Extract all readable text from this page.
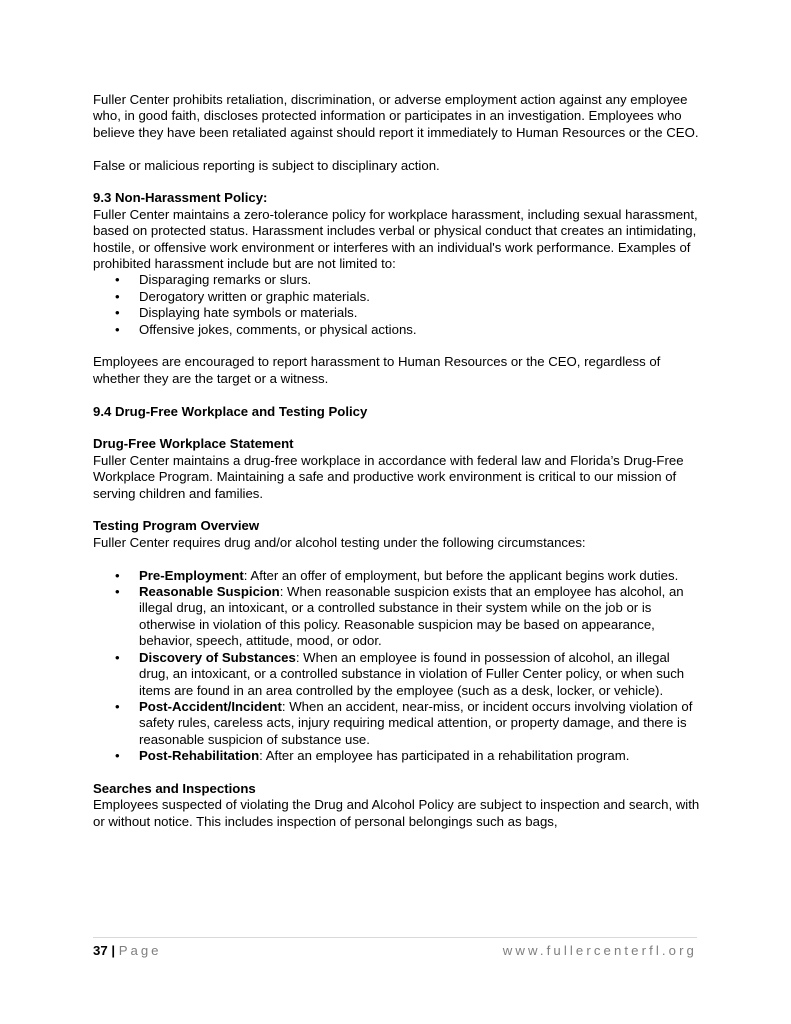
Fuller Center prohibits retaliation, discrimination, or adverse employment action against any employee who, in good faith, discloses protected information or participates in an investigation. Employees who believe they have been retaliated against should report it immediately to Human Resources or the CEO.

False or malicious reporting is subject to disciplinary action.

9.3 Non-Harassment Policy:

Fuller Center maintains a zero-tolerance policy for workplace harassment, including sexual harassment, based on protected status. Harassment includes verbal or physical conduct that creates an intimidating, hostile, or offensive work environment or interferes with an individual's work performance. Examples of prohibited harassment include but are not limited to:

• Disparaging remarks or slurs.
• Derogatory written or graphic materials.
• Displaying hate symbols or materials.
• Offensive jokes, comments, or physical actions.

Employees are encouraged to report harassment to Human Resources or the CEO, regardless of whether they are the target or a witness.

9.4 Drug-Free Workplace and Testing Policy

Drug-Free Workplace Statement

Fuller Center maintains a drug-free workplace in accordance with federal law and Florida’s Drug-Free Workplace Program. Maintaining a safe and productive work environment is critical to our mission of serving children and families.

Testing Program Overview

Fuller Center requires drug and/or alcohol testing under the following circumstances:

• Pre-Employment: After an offer of employment, but before the applicant begins work duties.
• Reasonable Suspicion: When reasonable suspicion exists that an employee has alcohol, an illegal drug, an intoxicant, or a controlled substance in their system while on the job or is otherwise in violation of this policy. Reasonable suspicion may be based on appearance, behavior, speech, attitude, mood, or odor.
• Discovery of Substances: When an employee is found in possession of alcohol, an illegal drug, an intoxicant, or a controlled substance in violation of Fuller Center policy, or when such items are found in an area controlled by the employee (such as a desk, locker, or vehicle).
• Post-Accident/Incident: When an accident, near-miss, or incident occurs involving violation of safety rules, careless acts, injury requiring medical attention, or property damage, and there is reasonable suspicion of substance use.
• Post-Rehabilitation: After an employee has participated in a rehabilitation program.

Searches and Inspections

Employees suspected of violating the Drug and Alcohol Policy are subject to inspection and search, with or without notice. This includes inspection of personal belongings such as bags,

37 | Page	www.fullercenterfl.org
